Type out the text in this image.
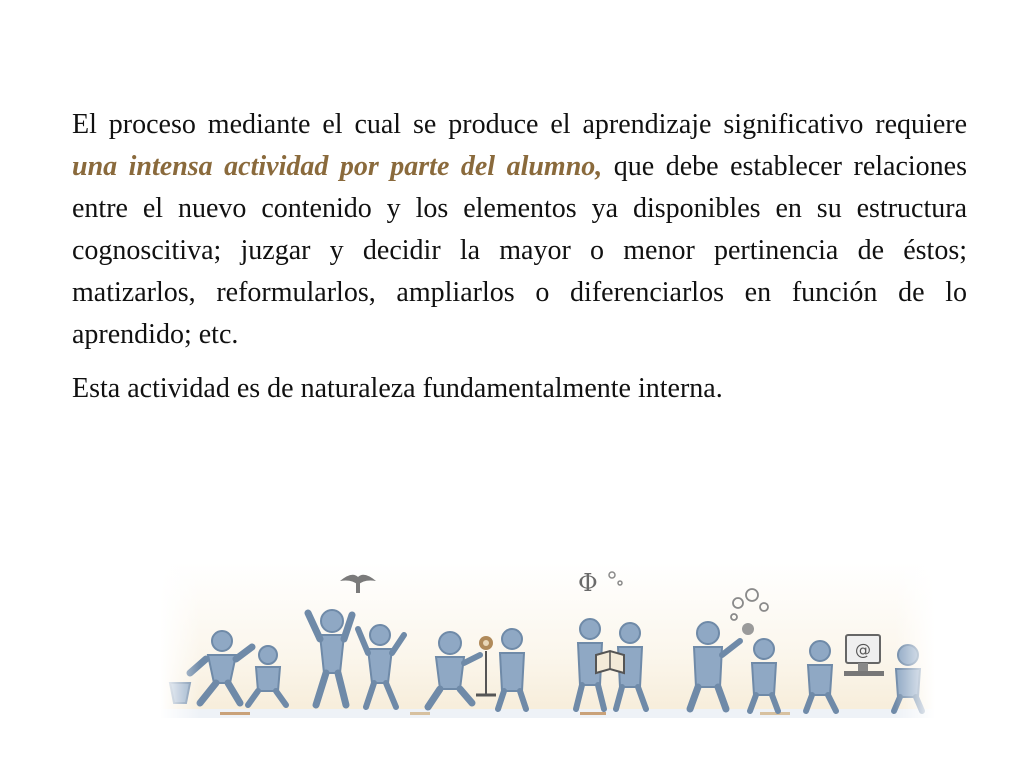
El proceso mediante el cual se produce el aprendizaje significativo requiere una intensa actividad por parte del alumno, que debe establecer relaciones entre el nuevo contenido y los elementos ya disponibles en su estructura cognoscitiva; juzgar y decidir la mayor o menor pertinencia de éstos; matizarlos, reformularlos, ampliarlos o diferenciarlos en función de lo aprendido; etc.

Esta actividad es de naturaleza fundamentalmente interna.

Φ
@
